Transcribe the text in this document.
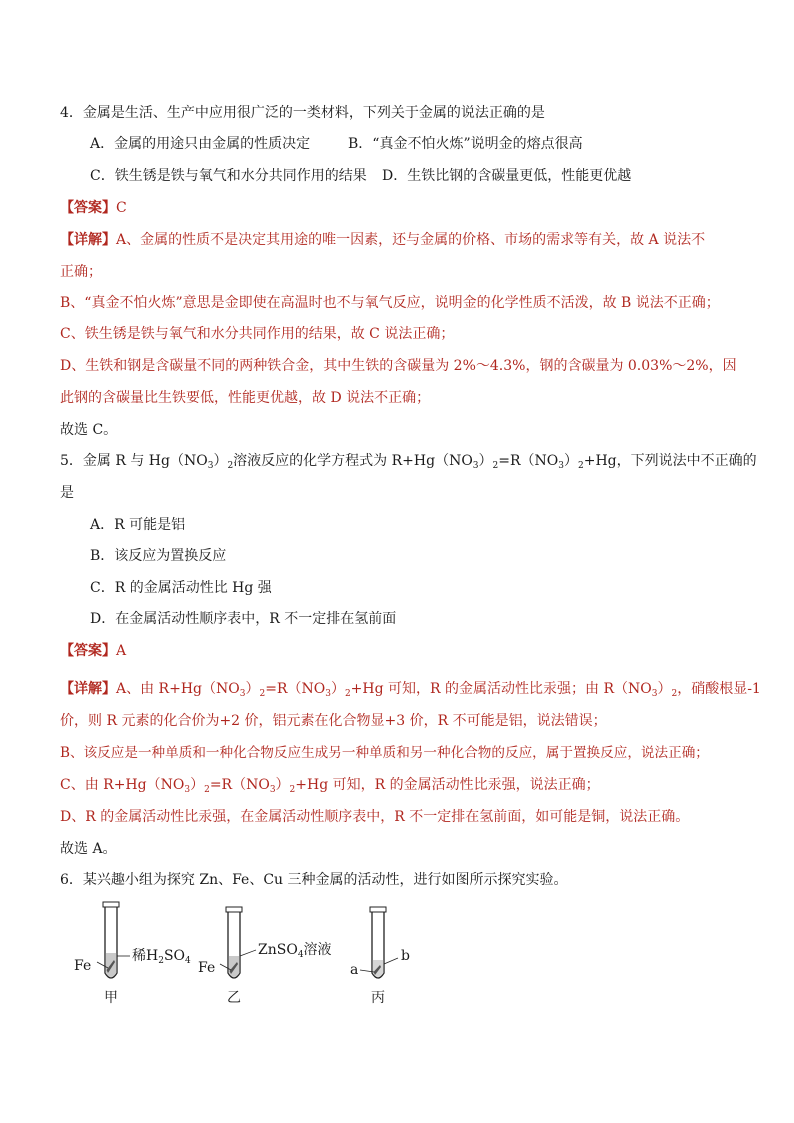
4．金属是生活、生产中应用很广泛的一类材料，下列关于金属的说法正确的是
A．金属的用途只由金属的性质决定	B．“真金不怕火炼”说明金的熔点很高
C．铁生锈是铁与氧气和水分共同作用的结果 D．生铁比钢的含碳量更低，性能更优越
【答案】C
【详解】A、金属的性质不是决定其用途的唯一因素，还与金属的价格、市场的需求等有关，故 A 说法不
正确；
B、“真金不怕火炼”意思是金即使在高温时也不与氧气反应，说明金的化学性质不活泼，故 B 说法不正确；
C、铁生锈是铁与氧气和水分共同作用的结果，故 C 说法正确；
D、生铁和钢是含碳量不同的两种铁合金，其中生铁的含碳量为 2%～4.3%，钢的含碳量为 0.03%～2%，因
此钢的含碳量比生铁要低，性能更优越，故 D 说法不正确；
故选 C。
5．金属 R 与 $Hg(NO_3)_2$溶液反应的化学方程式为 $R+Hg(NO_3)_2=R(NO_3)_2+Hg$，下列说法中不正确的
是
A．R 可能是铝
B．该反应为置换反应
C．R 的金属活动性比 Hg 强
D．在金属活动性顺序表中，R 不一定排在氢前面
【答案】A
【详解】A、由 $R+Hg(NO_3)_2=R(NO_3)_2+Hg$ 可知，R 的金属活动性比汞强；由 $R(NO_3)_2$，硝酸根显-1
价，则 R 元素的化合价为+2 价，铝元素在化合物显+3 价，R 不可能是铝，说法错误；
B、该反应是一种单质和一种化合物反应生成另一种单质和另一种化合物的反应，属于置换反应，说法正确；
C、由 $R+Hg(NO_3)_2=R(NO_3)_2+Hg$ 可知，R 的金属活动性比汞强，说法正确；
D、R 的金属活动性比汞强，在金属活动性顺序表中，R 不一定排在氢前面，如可能是铜，说法正确。
故选 A。
6．某兴趣小组为探究 Zn、Fe、Cu 三种金属的活动性，进行如图所示探究实验。
Fe
稀$H_2SO_4$
甲
Fe
ZnSO$_4$溶液
乙
a
b
丙
